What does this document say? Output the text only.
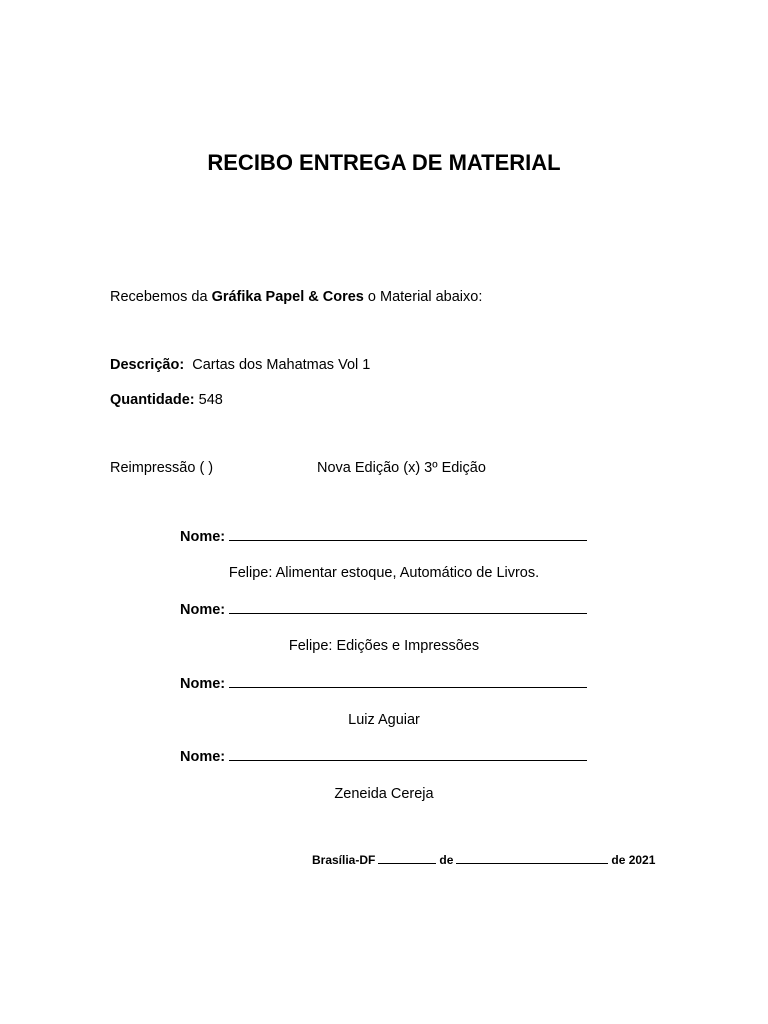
RECIBO ENTREGA DE MATERIAL
Recebemos da Gráfika Papel & Cores o Material abaixo:
Descrição: Cartas dos Mahatmas Vol 1
Quantidade: 548
Reimpressão ( )	Nova Edição (x) 3º Edição
Nome:
Felipe: Alimentar estoque, Automático de Livros.
Nome:
Felipe: Edições e Impressões
Nome:
Luiz Aguiar
Nome:
Zeneida Cereja
Brasília-DF	de	de 2021
